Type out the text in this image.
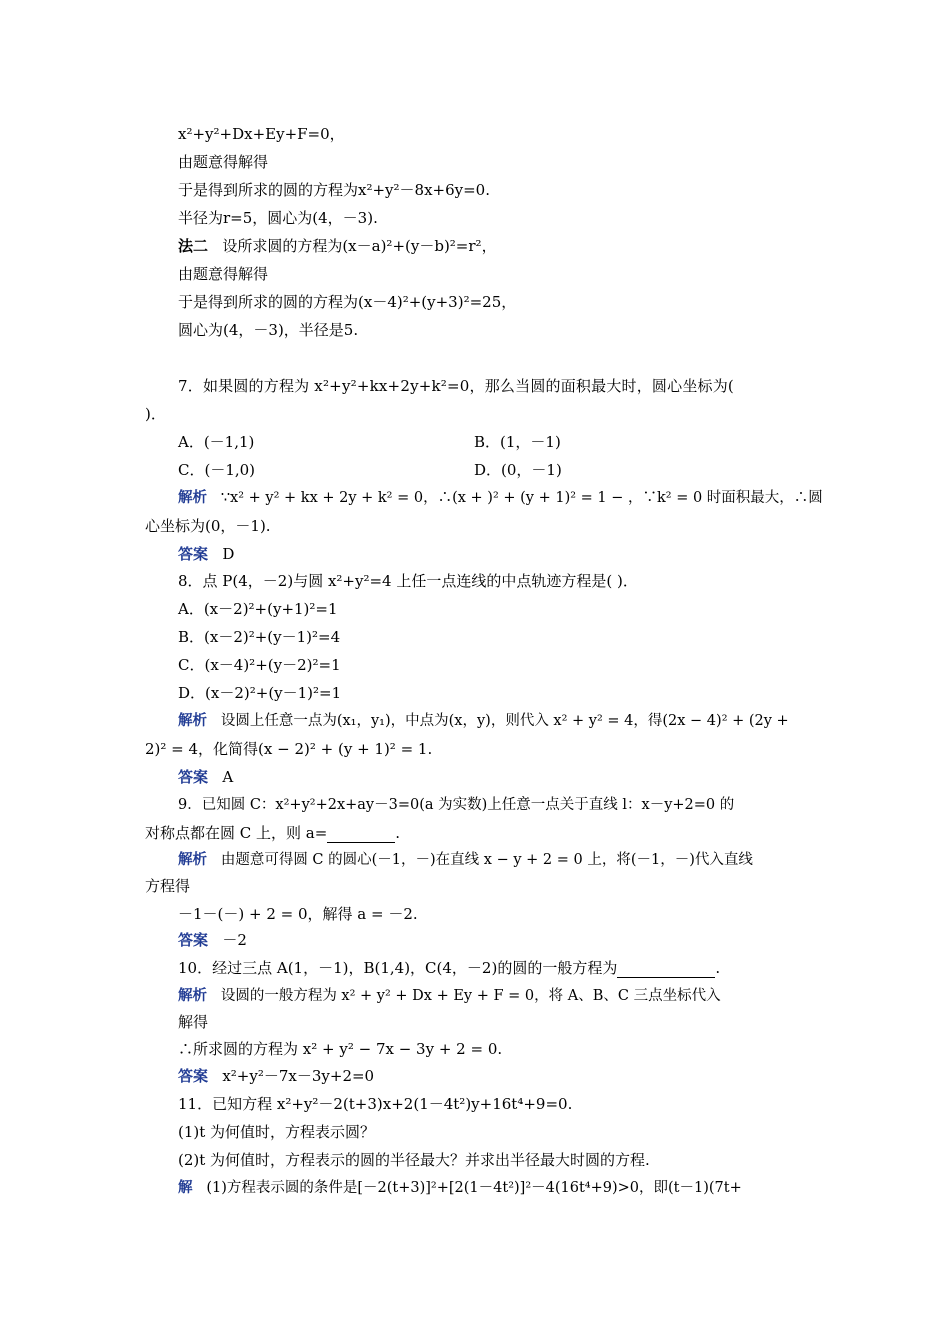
x²+y²+Dx+Ey+F=0，
由题意得解得
于是得到所求的圆的方程为x²+y²－8x+6y=0.
半径为r=5，圆心为(4，－3).
法二 设所求圆的方程为(x－a)²+(y－b)²=r²，
由题意得解得
于是得到所求的圆的方程为(x－4)²+(y+3)²=25，
圆心为(4，－3)，半径是5.
7．如果圆的方程为 x²+y²+kx+2y+k²=0，那么当圆的面积最大时，圆心坐标为(
)．
A．(－1,1)	B．(1，－1)
C．(－1,0)	D．(0，－1)
解析 ∵x² + y² + kx + 2y + k² = 0，∴(x + )² + (y + 1)² = 1 − ，∵k² = 0 时面积最大，∴圆
心坐标为(0，－1).
答案 D
8．点 P(4，－2)与圆 x²+y²=4 上任一点连线的中点轨迹方程是( )．
A．(x－2)²+(y+1)²=1
B．(x－2)²+(y－1)²=4
C．(x－4)²+(y－2)²=1
D．(x－2)²+(y－1)²=1
解析 设圆上任意一点为(x₁，y₁)，中点为(x，y)，则代入 x² + y² = 4，得(2x − 4)² + (2y +
2)² = 4，化简得(x − 2)² + (y + 1)² = 1.
答案 A
9．已知圆 C：x²+y²+2x+ay－3=0(a 为实数)上任意一点关于直线 l：x－y+2=0 的
对称点都在圆 C 上，则 a=	.
解析 由题意可得圆 C 的圆心(－1，－)在直线 x − y + 2 = 0 上，将(－1，－)代入直线
方程得
－1－(－) + 2 = 0，解得 a = －2.
答案 －2
10．经过三点 A(1，－1)，B(1,4)，C(4，－2)的圆的一般方程为	.
解析 设圆的一般方程为 x² + y² + Dx + Ey + F = 0，将 A、B、C 三点坐标代入
解得
∴所求圆的方程为 x² + y² − 7x − 3y + 2 = 0.
答案 x²+y²－7x－3y+2=0
11．已知方程 x²+y²－2(t+3)x+2(1－4t²)y+16t⁴+9=0.
(1)t 为何值时，方程表示圆？
(2)t 为何值时，方程表示的圆的半径最大？并求出半径最大时圆的方程.
解 (1)方程表示圆的条件是[－2(t+3)]²+[2(1－4t²)]²－4(16t⁴+9)>0，即(t－1)(7t+
